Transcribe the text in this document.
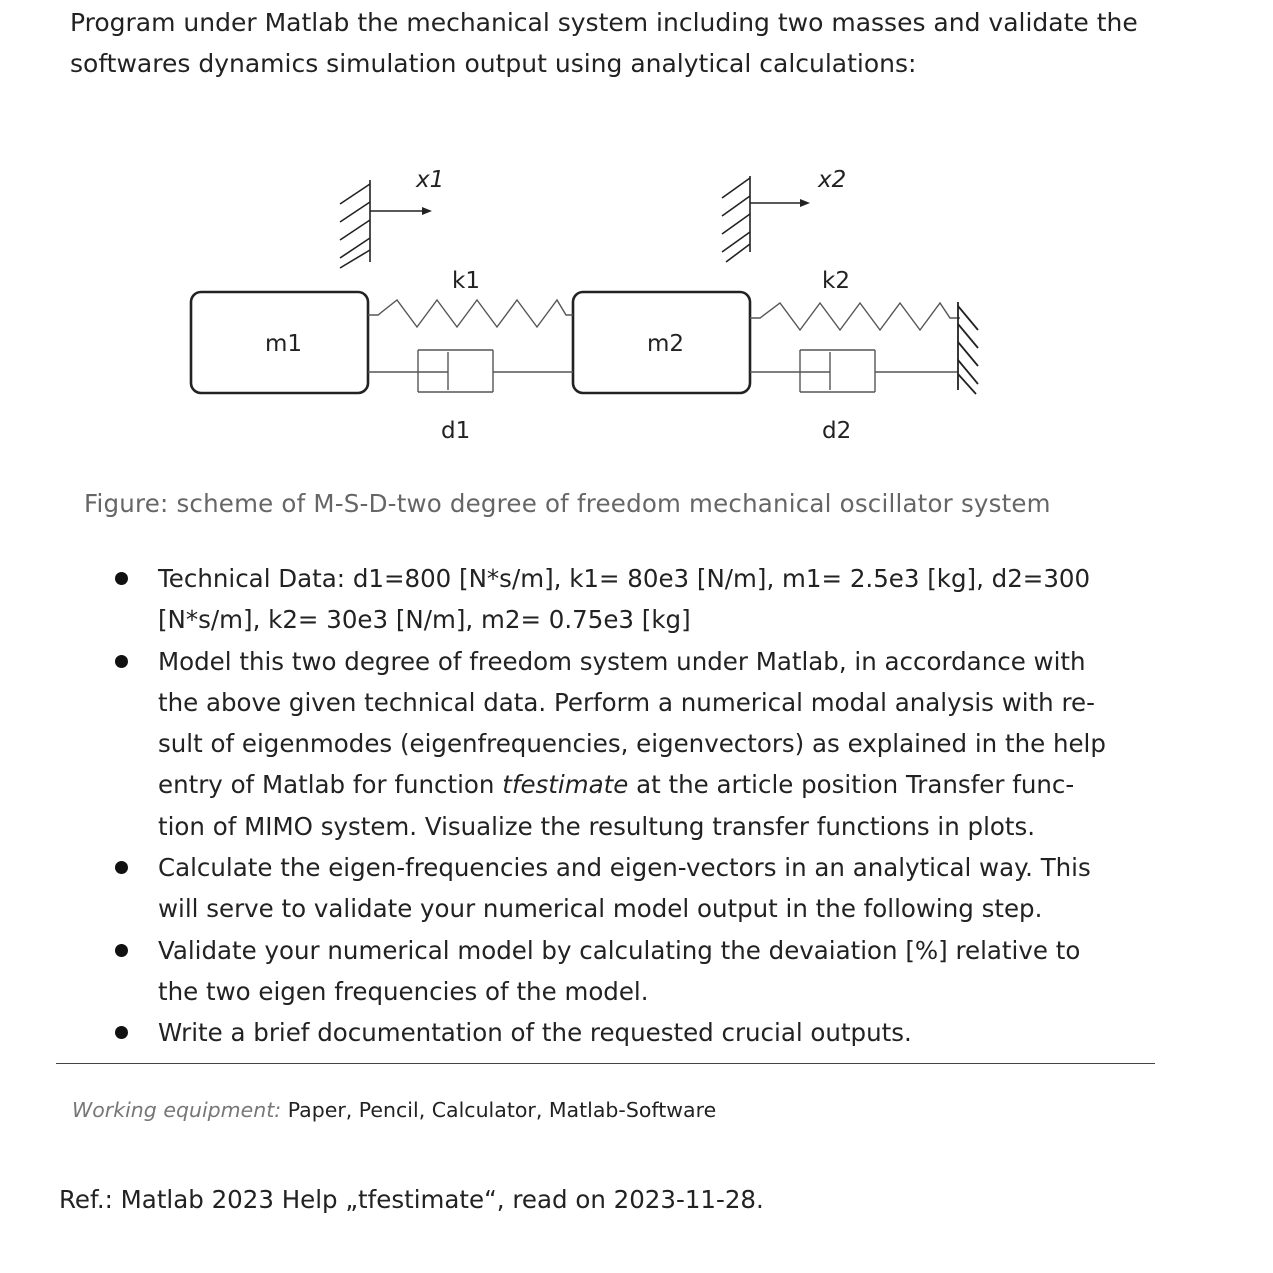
Program under Matlab the mechanical system including two masses and validate the
softwares dynamics simulation output using analytical calculations:

x1	x2
m1	m2
k1
d1
k2
d2
Figure: scheme of M-S-D-two degree of freedom mechanical oscillator system
Technical Data: d1=800 [N*s/m], k1= 80e3 [N/m], m1= 2.5e3 [kg], d2=300
[N*s/m], k2= 30e3 [N/m], m2= 0.75e3 [kg]
Model this two degree of freedom system under Matlab, in accordance with
the above given technical data. Perform a numerical modal analysis with re-
sult of eigenmodes (eigenfrequencies, eigenvectors) as explained in the help
entry of Matlab for function tfestimate at the article position Transfer func-
tion of MIMO system. Visualize the resultung transfer functions in plots.
Calculate the eigen-frequencies and eigen-vectors in an analytical way. This
will serve to validate your numerical model output in the following step.
Validate your numerical model by calculating the devaiation [%] relative to
the two eigen frequencies of the model.
Write a brief documentation of the requested crucial outputs.
Working equipment: Paper, Pencil, Calculator, Matlab-Software
Ref.: Matlab 2023 Help „tfestimate“, read on 2023-11-28.
